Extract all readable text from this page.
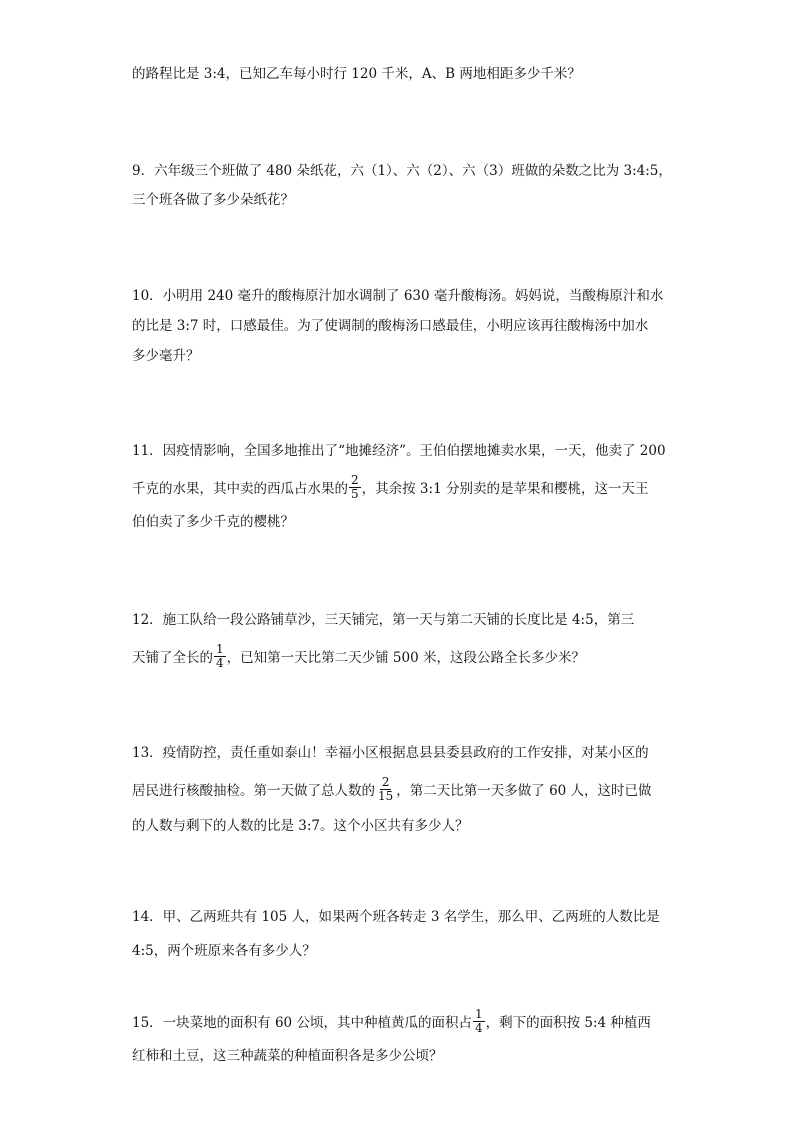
的路程比是 3:4，已知乙车每小时行 120 千米，A、B 两地相距多少千米？
9．六年级三个班做了 480 朵纸花，六（1）、六（2）、六（3）班做的朵数之比为 3:4:5，
三个班各做了多少朵纸花？
10．小明用 240 毫升的酸梅原汁加水调制了 630 毫升酸梅汤。妈妈说，当酸梅原汁和水
的比是 3:7 时，口感最佳。为了使调制的酸梅汤口感最佳，小明应该再往酸梅汤中加水
多少毫升？
11．因疫情影响，全国多地推出了“地摊经济”。王伯伯摆地摊卖水果，一天，他卖了 200
千克的水果，其中卖的西瓜占水果的 $\frac{2}{5}$ ，其余按 3:1 分别卖的是苹果和樱桃，这一天王
伯伯卖了多少千克的樱桃？
12．施工队给一段公路铺草沙，三天铺完，第一天与第二天铺的长度比是 4:5，第三
天铺了全长的 $\frac{1}{4}$ ，已知第一天比第二天少铺 500 米，这段公路全长多少米？
13．疫情防控，责任重如泰山！幸福小区根据息县县委县政府的工作安排，对某小区的
居民进行核酸抽检。第一天做了总人数的 $\frac{2}{15}$ ，第二天比第一天多做了 60 人，这时已做
的人数与剩下的人数的比是 3:7。这个小区共有多少人？
14．甲、乙两班共有 105 人，如果两个班各转走 3 名学生，那么甲、乙两班的人数比是
4:5，两个班原来各有多少人？
15．一块菜地的面积有 60 公顷，其中种植黄瓜的面积占 $\frac{1}{4}$ ，剩下的面积按 5:4 种植西
红柿和土豆，这三种蔬菜的种植面积各是多少公顷？
